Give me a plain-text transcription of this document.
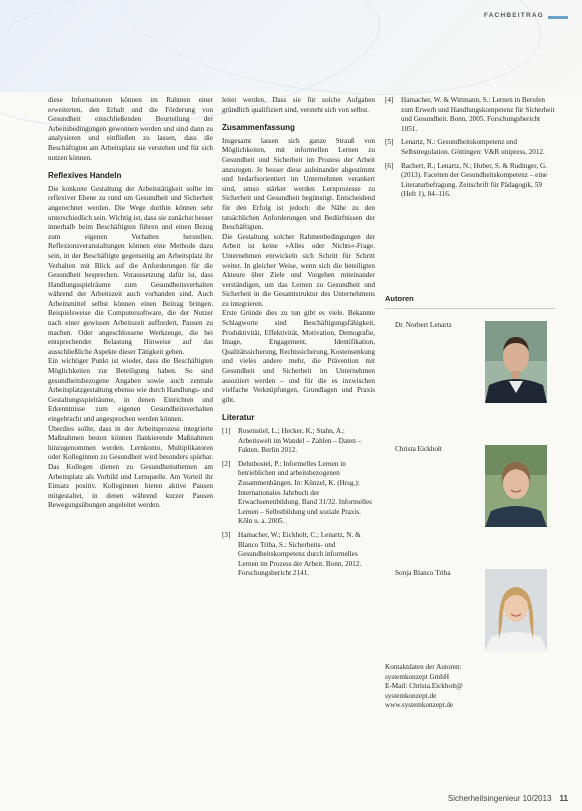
FACHBEITRAG

diese Informationen können im Rahmen einer erweiterten, den Erhalt und die Förderung von Gesundheit einschließenden Beurteilung der Arbeitsbedingungen gewonnen werden und sind dann zu analysieren und einfließen zu lassen, dass die Beschäftigten am Arbeitsplatz sie verstehen und für sich nutzen können.

Reflexives Handeln

Die konkrete Gestaltung der Arbeitstätigkeit sollte im reflexiver Ebene zu rund um Gesundheit und Sicherheit angerechnet werden. Die Wege dorthin können sehr unterschiedlich sein. Wichtig ist, dass sie zunächst besser innerhalb beim Beschäftigten führen und einen Bezug zum eigenen Verhalten herstellen. Reflexionsveranstaltungen können eine Methode dazu sein, in der Beschäftigte gegenseitig am Arbeitsplatz ihr Verhalten mit Blick auf die Anforderungen für die Gesundheit besprechen. Voraussetzung dafür ist, dass Handlungsspielräume zum Gesundheitsverhalten während der Arbeitszeit auch vorhanden sind. Auch Arbeitsmittel selbst können einen Beitrag bringen. Beispielsweise die Computersoftware, die der Nutzer nach einer gewissen Arbeitszeit auffordert, Pausen zu machen. Oder angeschlossene Werkzeuge, die bei entsprechender Belastung Hinweise auf das ausschließliche Aspekte dieser Tätigkeit geben.

Ein wichtiger Punkt ist wieder, dass die Beschäftigten Möglichkeiten zur Beteiligung haben. So sind gesundheitsbezogene Angaben sowie auch zentrale Arbeitsplatzgestaltung ebenso wie durch Handlungs- und Gestaltungsspielräume, in denen Einrichten und Erkenntnisse zum eigenen Gesundheitsverhalten eingebracht und angesprochen werden können.

Überdies sollte, dass in der Arbeitsprozess integrierte Maßnahmen besten können flankierende Maßnahmen hinzugenommen werden. Lernkonto, Multiplikatoren oder Kolleginnen zu Gesundheit wird besonders spürbar. Das Kollegen dienen zu Gesundheitsthemen am Arbeitsplatz als Vorbild und Lernquelle. Am Vorteil ihr Einsatz positiv. Kolleginnen bieten aktive Pausen mitgestaltet, in denen während kurzer Pausen Bewegungsübungen angeleitet werden.

leitet werden. Dass sie für solche Aufgaben gründlich qualifiziert sind, versteht sich von selbst.

Zusammenfassung

Insgesamt lassen sich ganze Strauß von Möglichkeiten, mit informellen Lernen zu Gesundheit und Sicherheit im Prozess der Arbeit anzuregen. Je besser diese aufeinander abgestimmt und bedarfsorientiert im Unternehmen verankert sind, umso stärker werden Lernprozesse zu Sicherheit und Gesundheit begünstigt. Entscheidend für den Erfolg ist jedoch: die Nähe zu den tatsächlichen Anforderungen und Bedürfnissen der Beschäftigten.

Die Gestaltung solcher Rahmenbedingungen der Arbeit ist keine »Alles oder Nichts«-Frage. Unternehmen entwickeln sich Schritt für Schritt weiter. In gleicher Weise, wenn sich die beteiligten Akteure über Ziele und Vorgehen miteinander verständigen, um das Lernen zu Gesundheit und Sicherheit in die Gesamtstruktur des Unternehmens zu integrieren.

Erste Gründe dies zu tun gibt es viele. Bekannte Schlagworte sind Beschäftigungsfähigkeit, Produktivität, Effektivität, Motivation, Demografie, Image, Engagement, Identifikation, Qualitätssicherung, Rechtssicherung, Kostensenkung und vieles andere mehr, die Prävention mit Gesundheit und Sicherheit im Unternehmen assoziiert werden – und für die es inzwischen vielfache Verknüpfungen, Grundlagen und Praxis gibt.

Literatur
[1]	Rosenstiel, L.; Hecker, K.; Stahn, A.: Arbeitswelt im Wandel – Zahlen – Daten – Fakten. Berlin 2012.
[2]	Dehnbostel, P.: Informelles Lernen in betrieblichen und arbeitsbezogenen Zusammenhängen. In: Künzel, K. (Hrsg.): Internationales Jahrbuch der Erwachsenenbildung. Band 31/32. Informelles Lernen – Selbstbildung und soziale Praxis. Köln u. a. 2005.
[3]	Hamacher, W.; Eickholt, C.; Lenartz, N. & Blanco Triba, S.: Sicherheits- und Gesundheitskompetenz durch informelles Lernen im Prozess der Arbeit. Bonn, 2012. Forschungsbericht 2141.
[4]	Hamacher, W. & Wittmann, S.: Lernen in Berufen zum Erwerb und Handlungskompetenz für Sicherheit und Gesundheit. Bonn, 2005. Forschungsbericht 1051.
[5]	Lenartz, N.: Gesundheitskompetenz und Selbstregulation. Göttingen: V&R unipress, 2012.
[6]	Bachert, R.; Lenartz, N.; Huber, S. & Rudinger, G. (2013). Facetten der Gesundheitskompetenz – eine Literaturbefragung. Zeitschrift für Pädagogik, 59 (Heft 1), 84–116.
Autoren
Dr. Norbert Lenartz
Christa Eickholt
Sonja Blanco Triba
Kontaktdaten der Autoren:
systemkonzept GmbH
E-Mail: Christa.Eickholt@
systemkonzept.de
www.systemkonzept.de
Sicherheitsingenieur 10/2013 11
